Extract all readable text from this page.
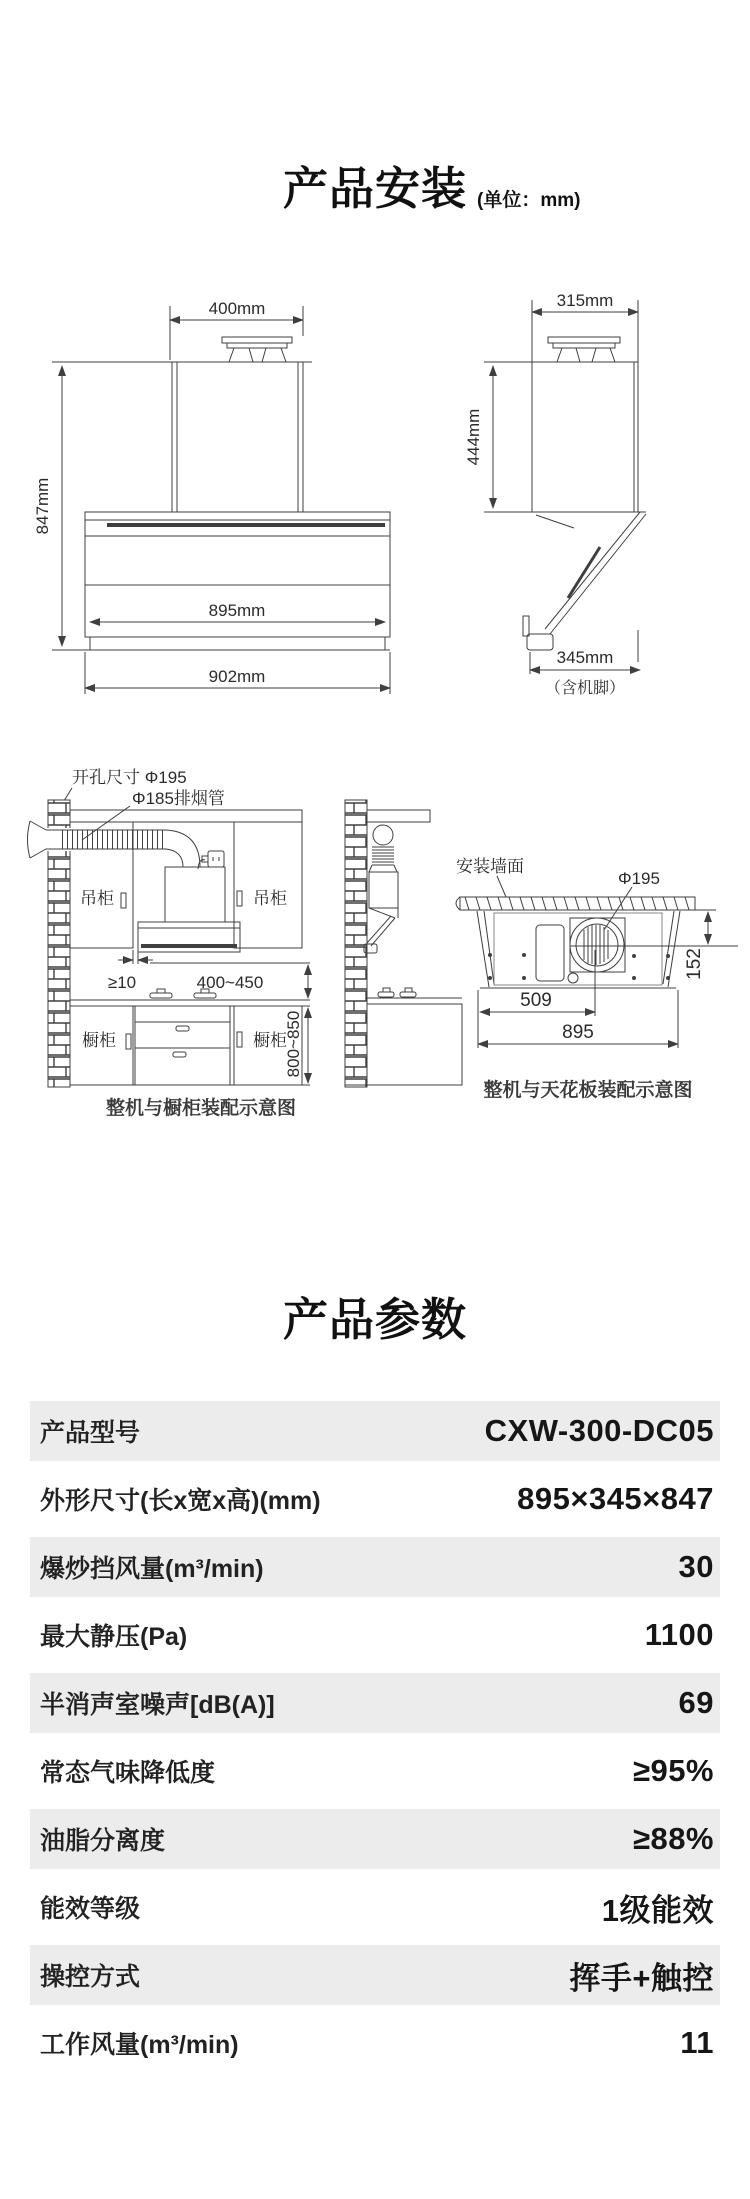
产品安装 (单位：mm)
400mm
847mm
895mm
902mm
315mm
444mm
345mm
（含机脚）
开孔尺寸 Φ195
Φ185排烟管
吊柜	吊柜
≥10	400~450
橱柜	橱柜
800~850
整机与橱柜装配示意图
安装墙面
Φ195
152
509
895
整机与天花板装配示意图
产品参数
产品型号	CXW-300-DC05
外形尺寸(长x宽x高)(mm)	895×345×847
爆炒挡风量(m³/min)	30
最大静压(Pa)	1100
半消声室噪声[dB(A)]	69
常态气味降低度	≥95%
油脂分离度	≥88%
能效等级	1级能效
操控方式	挥手+触控
工作风量(m³/min)	11
